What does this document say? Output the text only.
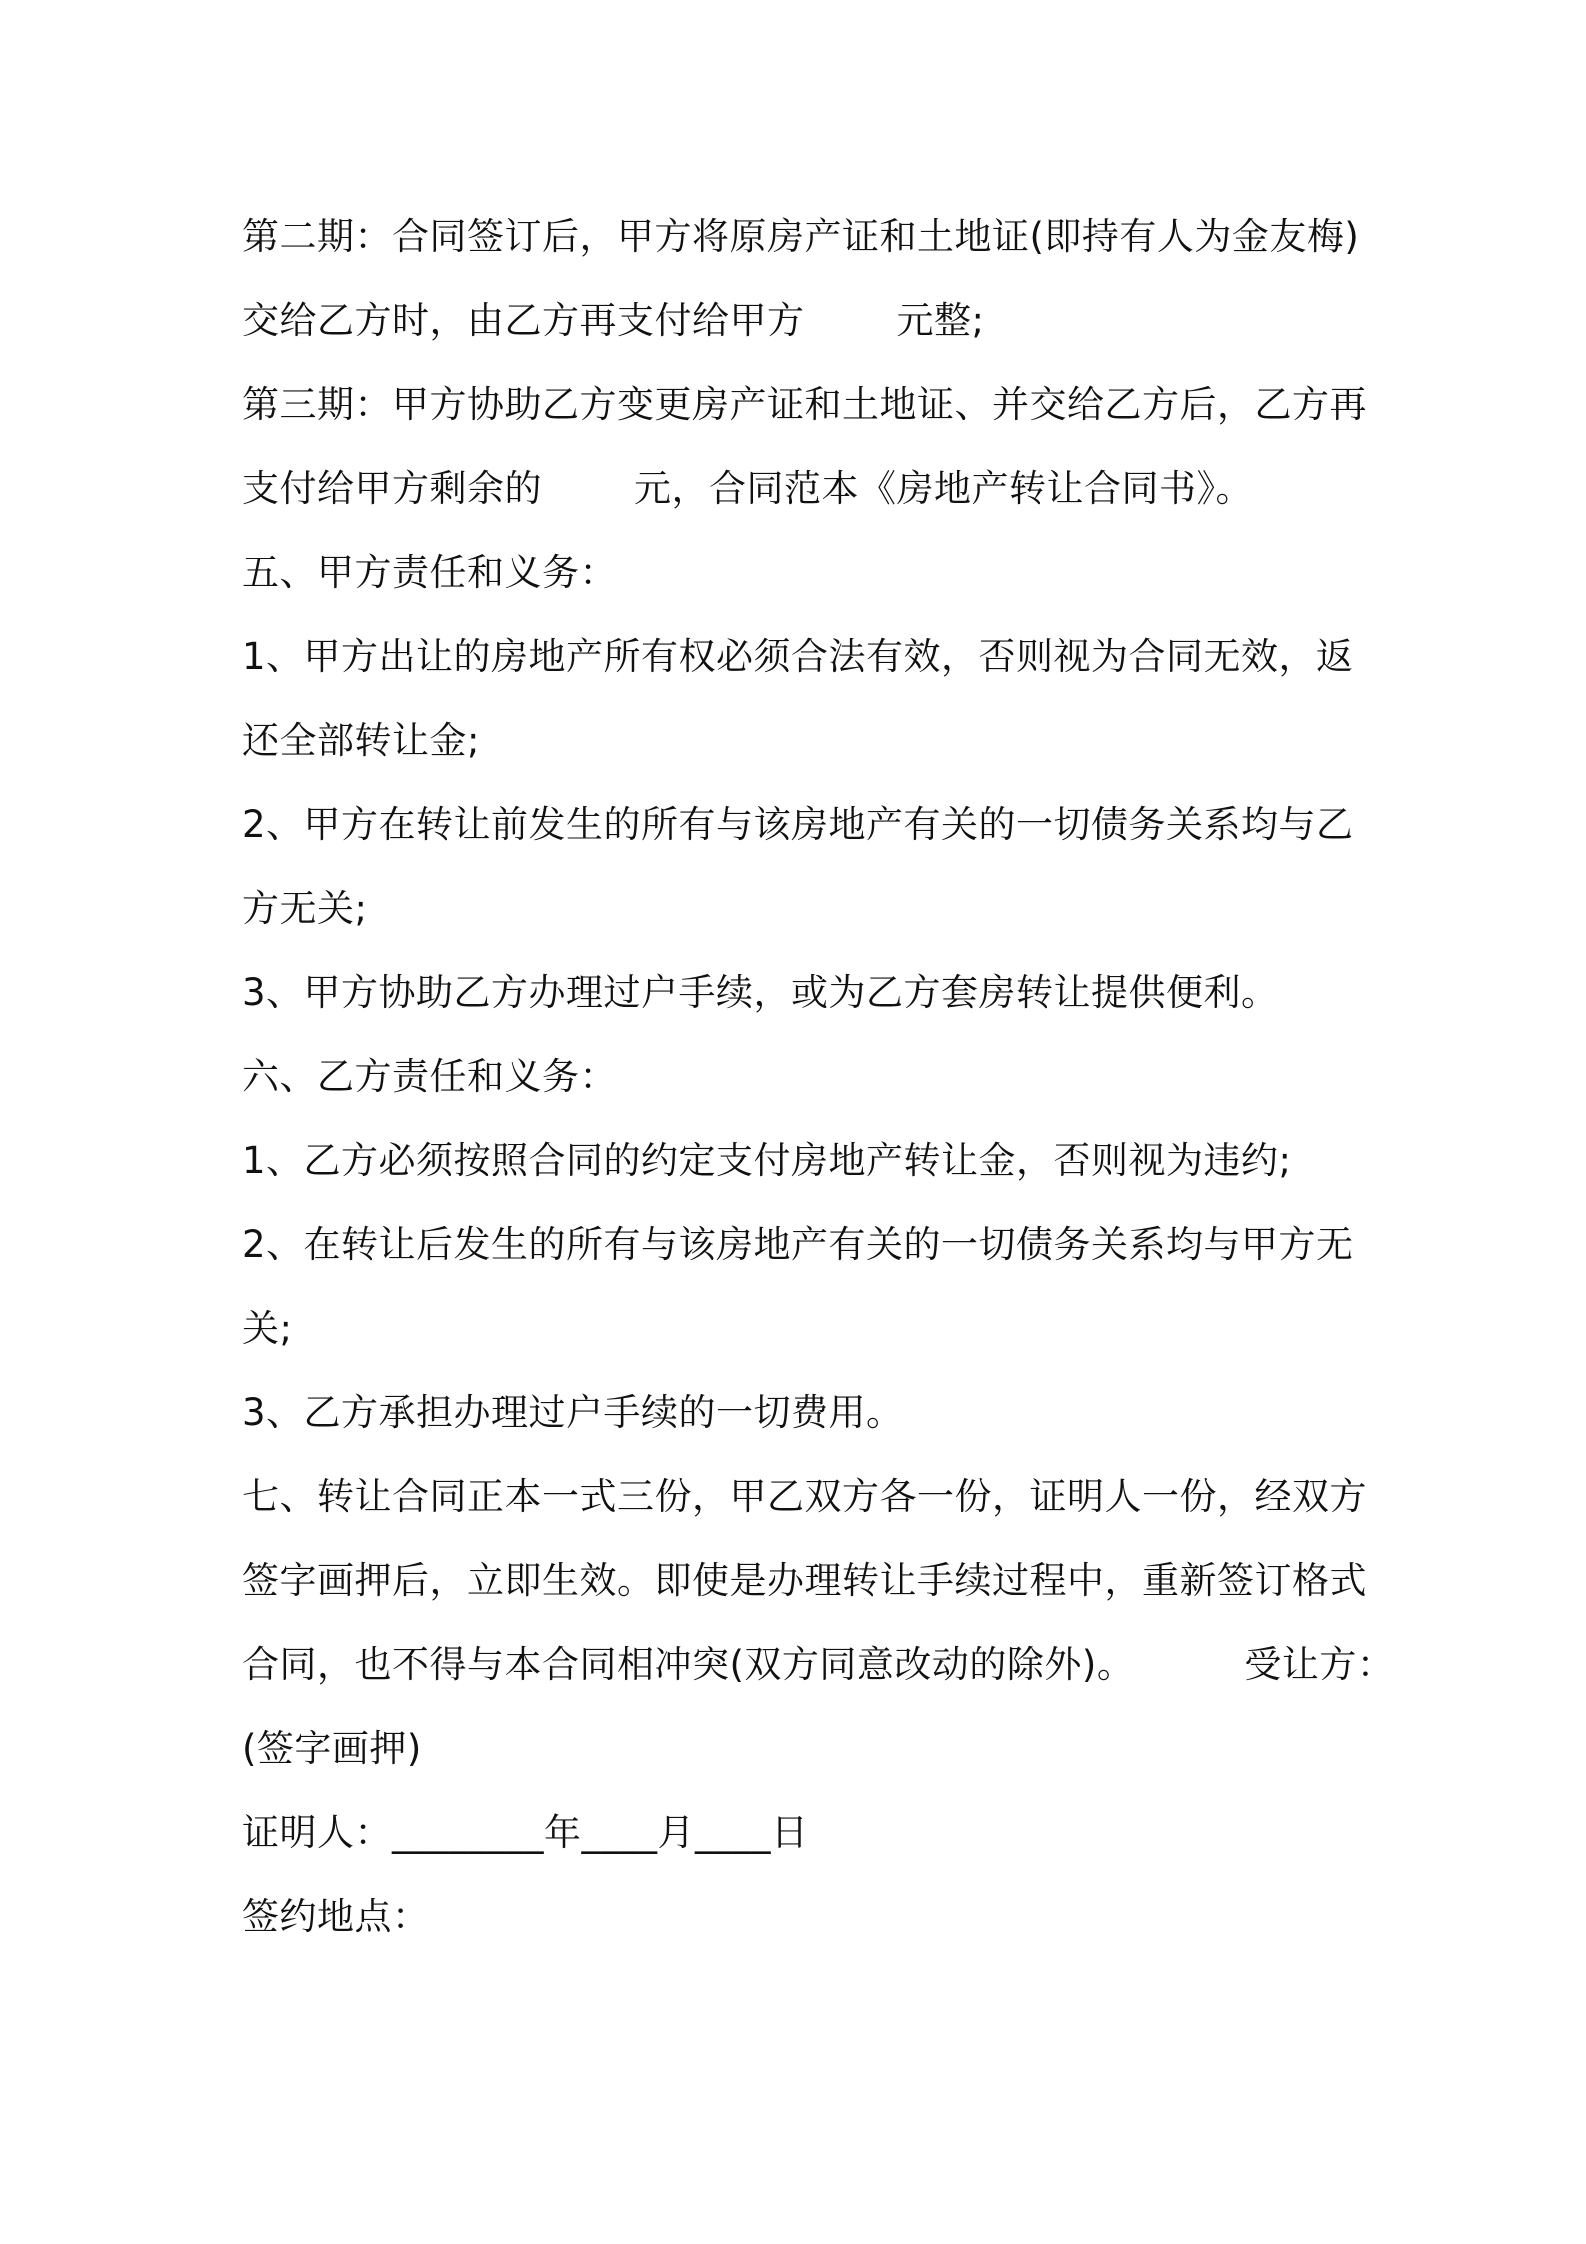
第二期：合同签订后，甲方将原房产证和土地证(即持有人为金友梅)
交给乙方时，由乙方再支付给甲方 元整;
第三期：甲方协助乙方变更房产证和土地证、并交给乙方后，乙方再
支付给甲方剩余的 元，合同范本《房地产转让合同书》。
五、甲方责任和义务：
1、甲方出让的房地产所有权必须合法有效，否则视为合同无效，返
还全部转让金;
2、甲方在转让前发生的所有与该房地产有关的一切债务关系均与乙
方无关;
3、甲方协助乙方办理过户手续，或为乙方套房转让提供便利。
六、乙方责任和义务：
1、乙方必须按照合同的约定支付房地产转让金，否则视为违约;
2、在转让后发生的所有与该房地产有关的一切债务关系均与甲方无
关;
3、乙方承担办理过户手续的一切费用。
七、转让合同正本一式三份，甲乙双方各一份，证明人一份，经双方
签字画押后，立即生效。即使是办理转让手续过程中，重新签订格式
合同，也不得与本合同相冲突(双方同意改动的除外)。	受让方：
(签字画押)
证明人：________年____月____日
签约地点：
